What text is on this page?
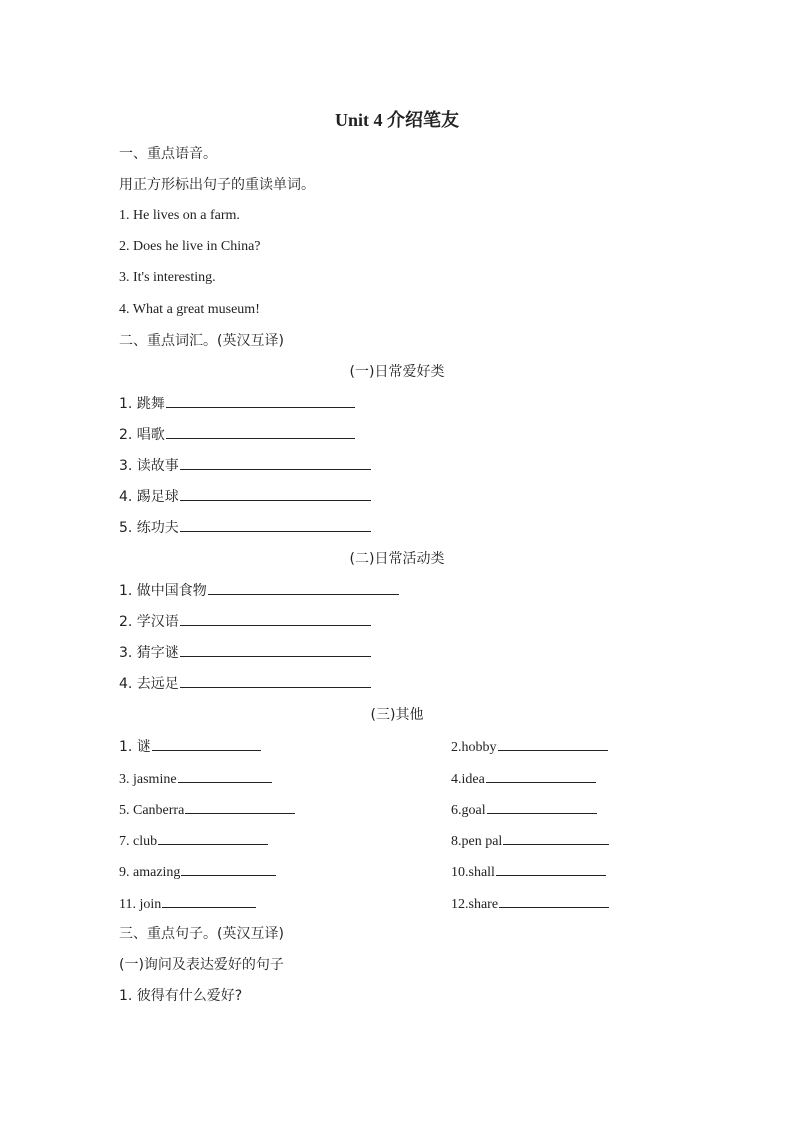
Unit 4 介绍笔友
一、重点语音。
用正方形标出句子的重读单词。
1. He lives on a farm.
2. Does he live in China?
3. It's interesting.
4. What a great museum!
二、重点词汇。(英汉互译)
(一)日常爱好类
1. 跳舞
2. 唱歌
3. 读故事
4. 踢足球
5. 练功夫
(二)日常活动类
1. 做中国食物
2. 学汉语
3. 猜字谜
4. 去远足
(三)其他
1. 谜	2.hobby
3. jasmine	4.idea
5. Canberra	6.goal
7. club	8.pen pal
9. amazing	10.shall
11. join	12.share
三、重点句子。(英汉互译)
(一)询问及表达爱好的句子
1. 彼得有什么爱好?
